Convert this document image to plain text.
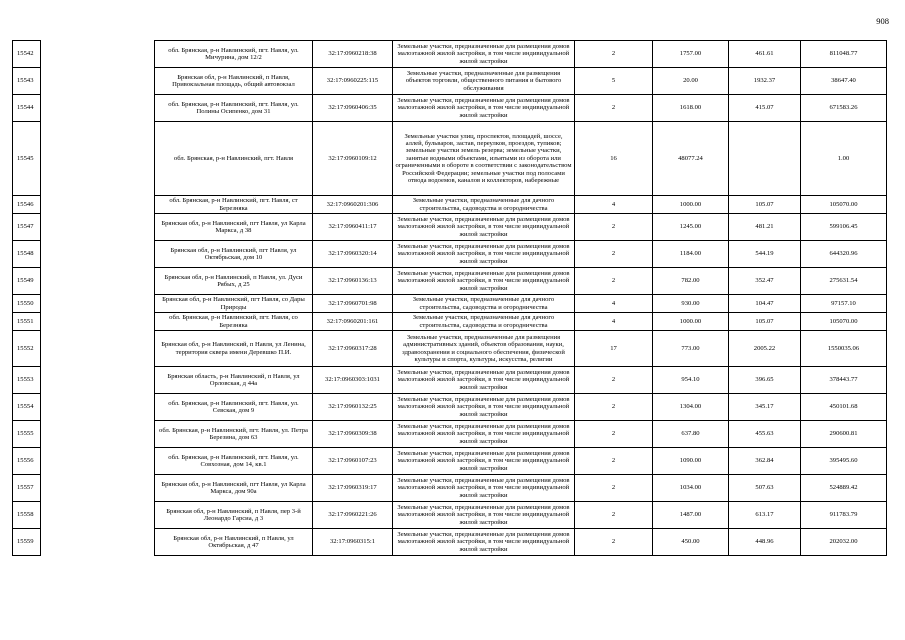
908
15542		обл. Брянская, р-н Навлинский, пгт. Навля, ул. Мичурина, дом 12/2	32:17:0960218:38	Земельные участки, предназначенные для размещения домов малоэтажной жилой застройки, в том числе индивидуальной жилой застройки	2	1757.00	461.61	811048.77
15543		Брянская обл, р-н Навлинский, п Навля, Привокзальная площадь, общий автовокзал	32:17:0960225:115	Земельные участки, предназначенные для размещения объектов торговли, общественного питания и бытового обслуживания	5	20.00	1932.37	38647.40
15544		обл. Брянская, р-н Навлинский, пгт. Навля, ул. Полины Осипенко, дом 31	32:17:0960406:35	Земельные участки, предназначенные для размещения домов малоэтажной жилой застройки, в том числе индивидуальной жилой застройки	2	1618.00	415.07	671583.26
15545		обл. Брянская, р-н Навлинский, пгт. Навля	32:17:0960109:12	Земельные участки улиц, проспектов, площадей, шоссе, аллей, бульваров, застав, переулков, проездов, тупиков; земельные участки земель резерва; земельные участки, занятые водными объектами, изъятыми из оборота или ограниченными в обороте в соответствии с законодательством Российской Федерации; земельные участки под полосами отвода водоемов, каналов и коллекторов, набережные	16	48077.24		1.00
15546		обл. Брянская, р-н Навлинский, пгт. Навля, ст Березняка	32:17:0960201:306	Земельные участки, предназначенные для дачного строительства, садоводства и огородничества	4	1000.00	105.07	105070.00
15547		Брянская обл, р-н Навлинский, пгт Навля, ул Карла Маркса, д 38	32:17:0960411:17	Земельные участки, предназначенные для размещения домов малоэтажной жилой застройки, в том числе индивидуальной жилой застройки	2	1245.00	481.21	599106.45
15548		Брянская обл, р-н Навлинский, пгт Навля, ул Октябрьская, дом 10	32:17:0960320:14	Земельные участки, предназначенные для размещения домов малоэтажной жилой застройки, в том числе индивидуальной жилой застройки	2	1184.00	544.19	644320.96
15549		Брянская обл, р-н Навлинский, п Навля, ул. Дуси Рябых, д 25	32:17:0960136:13	Земельные участки, предназначенные для размещения домов малоэтажной жилой застройки, в том числе индивидуальной жилой застройки	2	782.00	352.47	275631.54
15550		Брянская обл, р-н Навлинский, пгт Навля, со Дары Природы	32:17:0960701:98	Земельные участки, предназначенные для дачного строительства, садоводства и огородничества	4	930.00	104.47	97157.10
15551		обл. Брянская, р-н Навлинский, пгт. Навля, со Березняка	32:17:0960201:161	Земельные участки, предназначенные для дачного строительства, садоводства и огородничества	4	1000.00	105.07	105070.00
15552		Брянская обл, р-н Навлинский, п Навля, ул Ленина, территория сквера имени Деревшко П.И.	32:17:0960317:28	Земельные участки, предназначенные для размещения административных зданий, объектов образования, науки, здравоохранения и социального обеспечения, физической культуры и спорта, культуры, искусства, религии	17	773.00	2005.22	1550035.06
15553		Брянская область, р-н Навлинский, п Навля, ул Орловская, д 44а	32:17:0960303:1031	Земельные участки, предназначенные для размещения домов малоэтажной жилой застройки, в том числе индивидуальной жилой застройки	2	954.10	396.65	378443.77
15554		обл. Брянская, р-н Навлинский, пгт. Навля, ул. Севская, дом 9	32:17:0960132:25	Земельные участки, предназначенные для размещения домов малоэтажной жилой застройки, в том числе индивидуальной жилой застройки	2	1304.00	345.17	450101.68
15555		обл. Брянская, р-н Навлинский, пгт. Навля, ул. Петра Березина, дом 63	32:17:0960309:38	Земельные участки, предназначенные для размещения домов малоэтажной жилой застройки, в том числе индивидуальной жилой застройки	2	637.80	455.63	290600.81
15556		обл. Брянская, р-н Навлинский, пгт. Навля, ул. Совхозная, дом 14, кв.1	32:17:0960107:23	Земельные участки, предназначенные для размещения домов малоэтажной жилой застройки, в том числе индивидуальной жилой застройки	2	1090.00	362.84	395495.60
15557		Брянская обл, р-н Навлинский, пгт Навля, ул Карла Маркса, дом 90а	32:17:0960319:17	Земельные участки, предназначенные для размещения домов малоэтажной жилой застройки, в том числе индивидуальной жилой застройки	2	1034.00	507.63	524889.42
15558		Брянская обл, р-н Навлинский, п Навля, пер 3-й Леонардо Гарсиа, д 3	32:17:0960221:26	Земельные участки, предназначенные для размещения домов малоэтажной жилой застройки, в том числе индивидуальной жилой застройки	2	1487.00	613.17	911783.79
15559		Брянская обл, р-н Навлинский, п Навля, ул Октябрьская, д 47	32:17:0960315:1	Земельные участки, предназначенные для размещения домов малоэтажной жилой застройки, в том числе индивидуальной жилой застройки	2	450.00	448.96	202032.00
